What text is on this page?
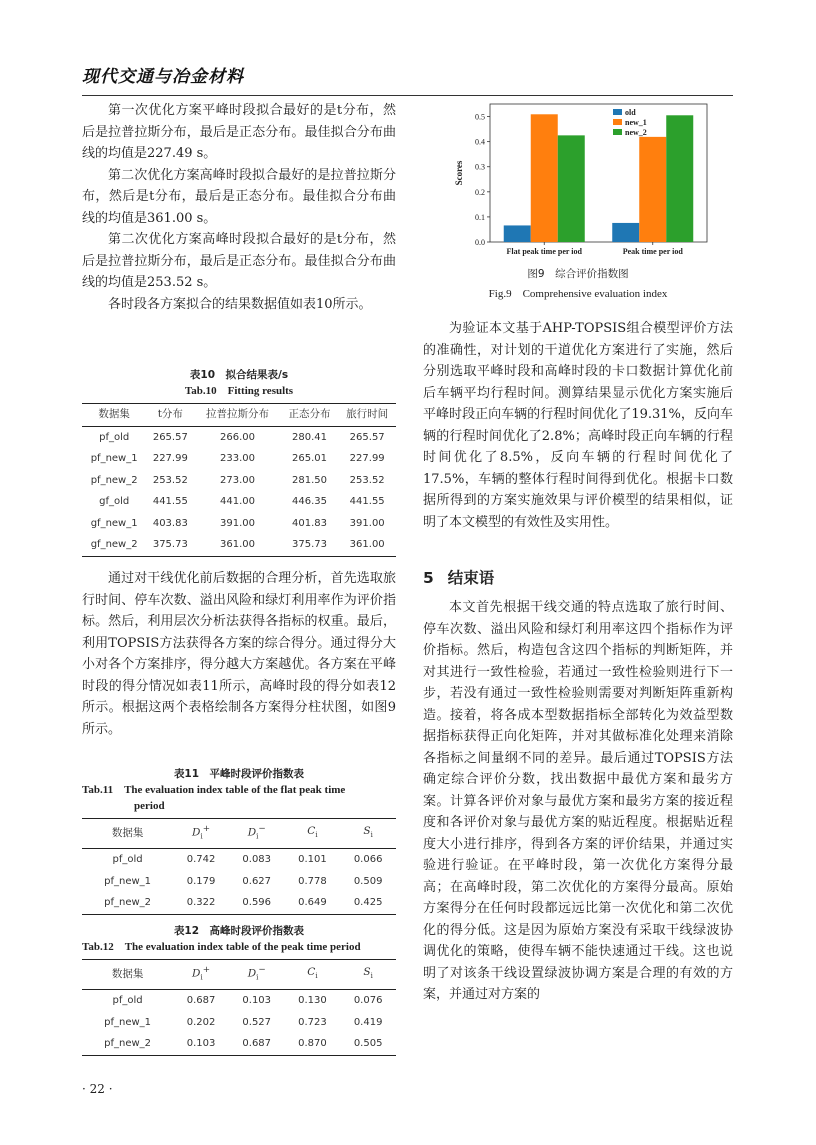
现代交通与冶金材料

第一次优化方案平峰时段拟合最好的是t分布，然后是拉普拉斯分布，最后是正态分布。最佳拟合分布曲线的均值是227.49 s。

第二次优化方案高峰时段拟合最好的是拉普拉斯分布，然后是t分布，最后是正态分布。最佳拟合分布曲线的均值是361.00 s。

第二次优化方案高峰时段拟合最好的是t分布，然后是拉普拉斯分布，最后是正态分布。最佳拟合分布曲线的均值是253.52 s。

各时段各方案拟合的结果数据值如表10所示。

表10　拟合结果表/s
Tab.10　Fitting results
数据集	t分布	拉普拉斯分布	正态分布	旅行时间
pf_old	265.57	266.00	280.41	265.57
pf_new_1	227.99	233.00	265.01	227.99
pf_new_2	253.52	273.00	281.50	253.52
gf_old	441.55	441.00	446.35	441.55
gf_new_1	403.83	391.00	401.83	391.00
gf_new_2	375.73	361.00	375.73	361.00

通过对干线优化前后数据的合理分析，首先选取旅行时间、停车次数、溢出风险和绿灯利用率作为评价指标。然后，利用层次分析法获得各指标的权重。最后，利用TOPSIS方法获得各方案的综合得分。通过得分大小对各个方案排序，得分越大方案越优。各方案在平峰时段的得分情况如表11所示，高峰时段的得分如表12所示。根据这两个表格绘制各方案得分柱状图，如图9所示。

表11　平峰时段评价指数表
Tab.11　The evaluation index table of the flat peak time
period
数据集	$D_i^+$	$D_i^-$	$C_i$	$S_i$
pf_old	0.742	0.083	0.101	0.066
pf_new_1	0.179	0.627	0.778	0.509
pf_new_2	0.322	0.596	0.649	0.425
表12　高峰时段评价指数表
Tab.12　The evaluation index table of the peak time period
数据集	$D_i^+$	$D_i^-$	$C_i$	$S_i$
pf_old	0.687	0.103	0.130	0.076
pf_new_1	0.202	0.527	0.723	0.419
pf_new_2	0.103	0.687	0.870	0.505
· 22 ·
0.0
0.1
0.2
0.3
0.4
0.5
Scores
Flat peak time per iod	Peak time per iod
old
new_1
new_2
图9　综合评价指数图
Fig.9　Comprehensive evaluation index

为验证本文基于AHP-TOPSIS组合模型评价方法的准确性，对计划的干道优化方案进行了实施，然后分别选取平峰时段和高峰时段的卡口数据计算优化前后车辆平均行程时间。测算结果显示优化方案实施后平峰时段正向车辆的行程时间优化了19.31%，反向车辆的行程时间优化了2.8%；高峰时段正向车辆的行程时间优化了8.5%，反向车辆的行程时间优化了17.5%，车辆的整体行程时间得到优化。根据卡口数据所得到的方案实施效果与评价模型的结果相似，证明了本文模型的有效性及实用性。

5 结束语

本文首先根据干线交通的特点选取了旅行时间、停车次数、溢出风险和绿灯利用率这四个指标作为评价指标。然后，构造包含这四个指标的判断矩阵，并对其进行一致性检验，若通过一致性检验则进行下一步，若没有通过一致性检验则需要对判断矩阵重新构造。接着，将各成本型数据指标全部转化为效益型数据指标获得正向化矩阵，并对其做标准化处理来消除各指标之间量纲不同的差异。最后通过TOPSIS方法确定综合评价分数，找出数据中最优方案和最劣方案。计算各评价对象与最优方案和最劣方案的接近程度和各评价对象与最优方案的贴近程度。根据贴近程度大小进行排序，得到各方案的评价结果，并通过实验进行验证。在平峰时段，第一次优化方案得分最高；在高峰时段，第二次优化的方案得分最高。原始方案得分在任何时段都远远比第一次优化和第二次优化的得分低。这是因为原始方案没有采取干线绿波协调优化的策略，使得车辆不能快速通过干线。这也说明了对该条干线设置绿波协调方案是合理的有效的方案，并通过对方案的
